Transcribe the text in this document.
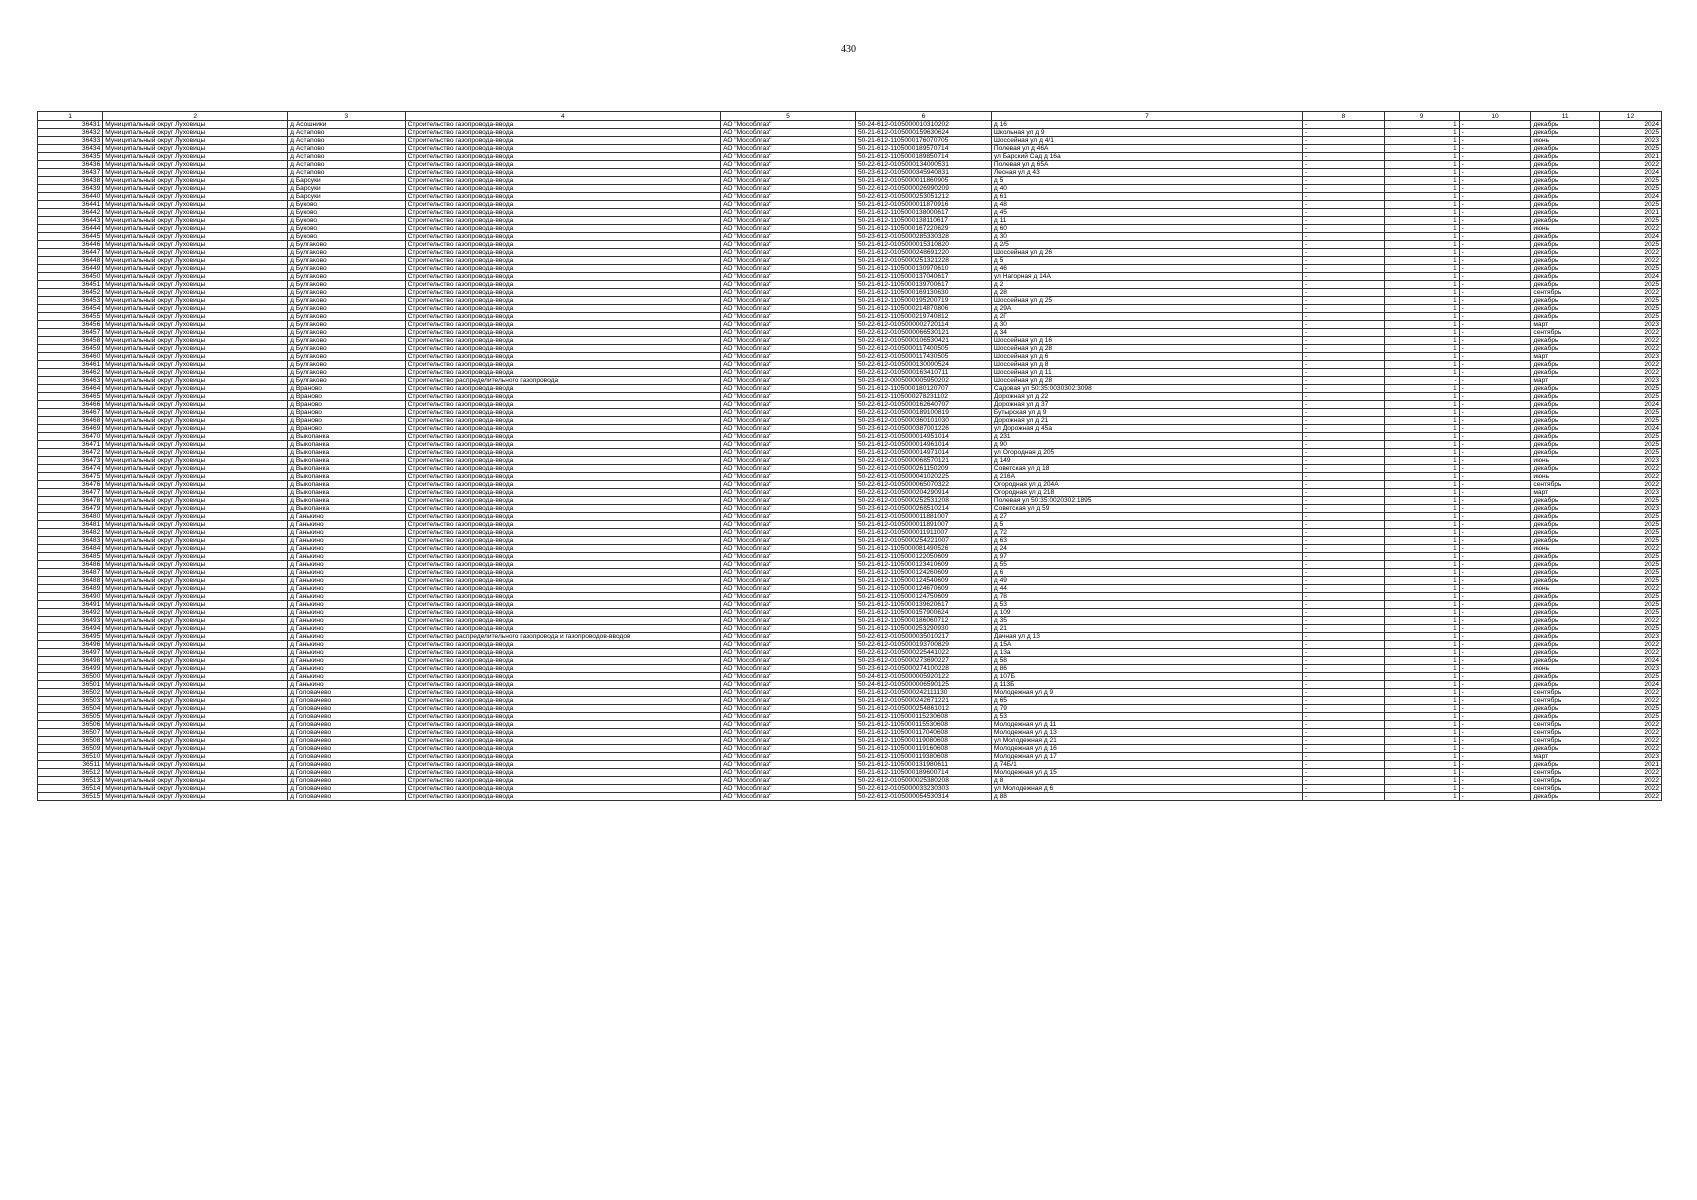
430
1	2	3	4	5	6	7	8	9	10	11	12
36431	Муниципальный округ Луховицы	д Асошники	Строительство газопровода-ввода	АО "Мособлгаз"	50-24-612-0105000010310202	д 16	-	1	-	декабрь	2024
36432	Муниципальный округ Луховицы	д Астапово	Строительство газопровода-ввода	АО "Мособлгаз"	50-21-612-0105000159630624	Школьная ул д 9	-	1	-	декабрь	2025
36433	Муниципальный округ Луховицы	д Астапово	Строительство газопровода-ввода	АО "Мособлгаз"	50-21-612-1105000176070705	Шоссейная ул д 4/1	-	1	-	июнь	2023
36434	Муниципальный округ Луховицы	д Астапово	Строительство газопровода-ввода	АО "Мособлгаз"	50-21-612-1105000189570714	Полевая ул д 46А	-	1	-	декабрь	2025
36435	Муниципальный округ Луховицы	д Астапово	Строительство газопровода-ввода	АО "Мособлгаз"	50-21-612-1105000189850714	ул Барский Сад д 16а	-	1	-	декабрь	2021
36436	Муниципальный округ Луховицы	д Астапово	Строительство газопровода-ввода	АО "Мособлгаз"	50-22-612-0105000134000531	Полевая ул д 65А	-	1	-	декабрь	2022
36437	Муниципальный округ Луховицы	д Астапово	Строительство газопровода-ввода	АО "Мособлгаз"	50-23-612-0105000345940831	Лесная ул д 43	-	1	-	декабрь	2024
36438	Муниципальный округ Луховицы	д Барсуки	Строительство газопровода-ввода	АО "Мособлгаз"	50-21-612-0105000011860905	д 5	-	1	-	декабрь	2025
36439	Муниципальный округ Луховицы	д Барсуки	Строительство газопровода-ввода	АО "Мособлгаз"	50-22-612-0105000026990209	д 40	-	1	-	декабрь	2025
36440	Муниципальный округ Луховицы	д Барсуки	Строительство газопровода-ввода	АО "Мособлгаз"	50-22-612-0105000253051212	д 61	-	1	-	декабрь	2024
36441	Муниципальный округ Луховицы	д Буково	Строительство газопровода-ввода	АО "Мособлгаз"	50-21-612-0105000011870916	д 48	-	1	-	декабрь	2025
36442	Муниципальный округ Луховицы	д Буково	Строительство газопровода-ввода	АО "Мособлгаз"	50-21-612-1105000138000617	д 45	-	1	-	декабрь	2021
36443	Муниципальный округ Луховицы	д Буково	Строительство газопровода-ввода	АО "Мособлгаз"	50-21-612-1105000138110617	д 11	-	1	-	декабрь	2025
36444	Муниципальный округ Луховицы	д Буково	Строительство газопровода-ввода	АО "Мособлгаз"	50-21-612-1105000167220629	д 60	-	1	-	июнь	2022
36445	Муниципальный округ Луховицы	д Буково	Строительство газопровода-ввода	АО "Мособлгаз"	50-23-612-0105000285330328	д 30	-	1	-	декабрь	2024
36446	Муниципальный округ Луховицы	д Булгаково	Строительство газопровода-ввода	АО "Мособлгаз"	50-21-612-0105000015310820	д 2/5	-	1	-	декабрь	2025
36447	Муниципальный округ Луховицы	д Булгаково	Строительство газопровода-ввода	АО "Мособлгаз"	50-21-612-0105000248691220	Шоссейная ул д 26	-	1	-	декабрь	2022
36448	Муниципальный округ Луховицы	д Булгаково	Строительство газопровода-ввода	АО "Мособлгаз"	50-21-612-0105000251321228	д 5	-	1	-	декабрь	2022
36449	Муниципальный округ Луховицы	д Булгаково	Строительство газопровода-ввода	АО "Мособлгаз"	50-21-612-1105000130970610	д 46	-	1	-	декабрь	2025
36450	Муниципальный округ Луховицы	д Булгаково	Строительство газопровода-ввода	АО "Мособлгаз"	50-21-612-1105000137040617	ул Нагорная д 14А	-	1	-	декабрь	2024
36451	Муниципальный округ Луховицы	д Булгаково	Строительство газопровода-ввода	АО "Мособлгаз"	50-21-612-1105000139700617	д 2	-	1	-	декабрь	2025
36452	Муниципальный округ Луховицы	д Булгаково	Строительство газопровода-ввода	АО "Мособлгаз"	50-21-612-1105000169130630	д 28	-	1	-	сентябрь	2022
36453	Муниципальный округ Луховицы	д Булгаково	Строительство газопровода-ввода	АО "Мособлгаз"	50-21-612-1105000195200719	Шоссейная ул д 25	-	1	-	декабрь	2025
36454	Муниципальный округ Луховицы	д Булгаково	Строительство газопровода-ввода	АО "Мособлгаз"	50-21-612-1105000214870806	д 29А	-	1	-	декабрь	2025
36455	Муниципальный округ Луховицы	д Булгаково	Строительство газопровода-ввода	АО "Мособлгаз"	50-21-612-1105000219740812	д 2Г	-	1	-	декабрь	2025
36456	Муниципальный округ Луховицы	д Булгаково	Строительство газопровода-ввода	АО "Мособлгаз"	50-22-612-0105000002720114	д 30	-	1	-	март	2023
36457	Муниципальный округ Луховицы	д Булгаково	Строительство газопровода-ввода	АО "Мособлгаз"	50-22-612-0105000066530121	д 34	-	1	-	сентябрь	2022
36458	Муниципальный округ Луховицы	д Булгаково	Строительство газопровода-ввода	АО "Мособлгаз"	50-22-612-0105000106530421	Шоссейная ул д 16	-	1	-	декабрь	2022
36459	Муниципальный округ Луховицы	д Булгаково	Строительство газопровода-ввода	АО "Мособлгаз"	50-22-612-0105000117400505	Шоссейная ул д 28	-	1	-	декабрь	2022
36460	Муниципальный округ Луховицы	д Булгаково	Строительство газопровода-ввода	АО "Мособлгаз"	50-22-612-0105000117430505	Шоссейная ул д 6	-	1	-	март	2023
36461	Муниципальный округ Луховицы	д Булгаково	Строительство газопровода-ввода	АО "Мособлгаз"	50-22-612-0105000130000524	Шоссейная ул д 8	-	1	-	декабрь	2022
36462	Муниципальный округ Луховицы	д Булгаково	Строительство газопровода-ввода	АО "Мособлгаз"	50-22-612-0105000163410711	Шоссейная ул д 11	-	1	-	декабрь	2022
36463	Муниципальный округ Луховицы	д Булгаково	Строительство распределительного газопровода	АО "Мособлгаз"	50-23-612-0005000005950202	Шоссейная ул д 28	-	-	-	март	2023
36464	Муниципальный округ Луховицы	д Враново	Строительство газопровода-ввода	АО "Мособлгаз"	50-21-612-1105000180120707	Садовая ул 50:35:0030302:3098	-	1	-	декабрь	2025
36465	Муниципальный округ Луховицы	д Враново	Строительство газопровода-ввода	АО "Мособлгаз"	50-21-612-1105000278231102	Дорожная ул д 22	-	1	-	декабрь	2025
36466	Муниципальный округ Луховицы	д Враново	Строительство газопровода-ввода	АО "Мособлгаз"	50-22-612-0105000162640707	Дорожная ул д 37	-	1	-	декабрь	2024
36467	Муниципальный округ Луховицы	д Враново	Строительство газопровода-ввода	АО "Мособлгаз"	50-22-612-0105000189100819	Бутырская ул д 9	-	1	-	декабрь	2025
36468	Муниципальный округ Луховицы	д Враново	Строительство газопровода-ввода	АО "Мособлгаз"	50-23-612-0105000360101030	Дорожная ул д 21	-	1	-	декабрь	2025
36469	Муниципальный округ Луховицы	д Враново	Строительство газопровода-ввода	АО "Мособлгаз"	50-23-612-0105000387001226	ул Дорожная д 45а	-	1	-	декабрь	2024
36470	Муниципальный округ Луховицы	д Выкопанка	Строительство газопровода-ввода	АО "Мособлгаз"	50-21-612-0105000014951014	д 231	-	1	-	декабрь	2025
36471	Муниципальный округ Луховицы	д Выкопанка	Строительство газопровода-ввода	АО "Мособлгаз"	50-21-612-0105000014961014	д 90	-	1	-	декабрь	2025
36472	Муниципальный округ Луховицы	д Выкопанка	Строительство газопровода-ввода	АО "Мособлгаз"	50-21-612-0105000014971014	ул Огородная д 205	-	1	-	декабрь	2025
36473	Муниципальный округ Луховицы	д Выкопанка	Строительство газопровода-ввода	АО "Мособлгаз"	50-22-612-0105000068570121	д 149	-	1	-	июнь	2023
36474	Муниципальный округ Луховицы	д Выкопанка	Строительство газопровода-ввода	АО "Мособлгаз"	50-22-612-0105000261150209	Советская ул д 18	-	1	-	декабрь	2022
36475	Муниципальный округ Луховицы	д Выкопанка	Строительство газопровода-ввода	АО "Мособлгаз"	50-22-612-0105000041020225	д 216А	-	1	-	июнь	2022
36476	Муниципальный округ Луховицы	д Выкопанка	Строительство газопровода-ввода	АО "Мособлгаз"	50-22-612-0105000065070322	Огородная ул д 204А	-	1	-	сентябрь	2022
36477	Муниципальный округ Луховицы	д Выкопанка	Строительство газопровода-ввода	АО "Мособлгаз"	50-22-612-0105000204290914	Огородная ул д 218	-	1	-	март	2023
36478	Муниципальный округ Луховицы	д Выкопанка	Строительство газопровода-ввода	АО "Мособлгаз"	50-22-612-0105000252531208	Полевая ул 50:35:0020302:1895	-	1	-	декабрь	2025
36479	Муниципальный округ Луховицы	д Выкопанка	Строительство газопровода-ввода	АО "Мособлгаз"	50-23-612-0105000268510214	Советская ул д 59	-	1	-	декабрь	2023
36480	Муниципальный округ Луховицы	д Ганькино	Строительство газопровода-ввода	АО "Мособлгаз"	50-21-612-0105000011881007	д 27	-	1	-	декабрь	2025
36481	Муниципальный округ Луховицы	д Ганькино	Строительство газопровода-ввода	АО "Мособлгаз"	50-21-612-0105000011891007	д 5	-	1	-	декабрь	2025
36482	Муниципальный округ Луховицы	д Ганькино	Строительство газопровода-ввода	АО "Мособлгаз"	50-21-612-0105000011911007	д 72	-	1	-	декабрь	2025
36483	Муниципальный округ Луховицы	д Ганькино	Строительство газопровода-ввода	АО "Мособлгаз"	50-21-612-0105000254221007	д 63	-	1	-	декабрь	2025
36484	Муниципальный округ Луховицы	д Ганькино	Строительство газопровода-ввода	АО "Мособлгаз"	50-21-612-1105000081490526	д 24	-	1	-	июнь	2022
36485	Муниципальный округ Луховицы	д Ганькино	Строительство газопровода-ввода	АО "Мособлгаз"	50-21-612-1105000122050609	д 97	-	1	-	декабрь	2025
36486	Муниципальный округ Луховицы	д Ганькино	Строительство газопровода-ввода	АО "Мособлгаз"	50-21-612-1105000123410609	д 55	-	1	-	декабрь	2025
36487	Муниципальный округ Луховицы	д Ганькино	Строительство газопровода-ввода	АО "Мособлгаз"	50-21-612-1105000124260609	д 6	-	1	-	декабрь	2025
36488	Муниципальный округ Луховицы	д Ганькино	Строительство газопровода-ввода	АО "Мособлгаз"	50-21-612-1105000124540609	д 49	-	1	-	декабрь	2025
36489	Муниципальный округ Луховицы	д Ганькино	Строительство газопровода-ввода	АО "Мособлгаз"	50-21-612-1105000124670609	д 44	-	1	-	июнь	2022
36490	Муниципальный округ Луховицы	д Ганькино	Строительство газопровода-ввода	АО "Мособлгаз"	50-21-612-1105000124750609	д 78	-	1	-	декабрь	2025
36491	Муниципальный округ Луховицы	д Ганькино	Строительство газопровода-ввода	АО "Мособлгаз"	50-21-612-1105000139620617	д 53	-	1	-	декабрь	2025
36492	Муниципальный округ Луховицы	д Ганькино	Строительство газопровода-ввода	АО "Мособлгаз"	50-21-612-1105000157900624	д 109	-	1	-	декабрь	2025
36493	Муниципальный округ Луховицы	д Ганькино	Строительство газопровода-ввода	АО "Мособлгаз"	50-21-612-1105000186060712	д 35	-	1	-	декабрь	2022
36494	Муниципальный округ Луховицы	д Ганькино	Строительство газопровода-ввода	АО "Мособлгаз"	50-21-612-1105000253290930	д 21	-	1	-	декабрь	2025
36495	Муниципальный округ Луховицы	д Ганькино	Строительство распределительного газопровода и газопроводов-вводов	АО "Мособлгаз"	50-22-612-0105000035010217	Дачная ул д 13	-	1	-	декабрь	2023
36496	Муниципальный округ Луховицы	д Ганькино	Строительство газопровода-ввода	АО "Мособлгаз"	50-22-612-0105000193700829	д 15А	-	1	-	декабрь	2022
36497	Муниципальный округ Луховицы	д Ганькино	Строительство газопровода-ввода	АО "Мособлгаз"	50-22-612-0105000225441022	д 13а	-	1	-	декабрь	2022
36498	Муниципальный округ Луховицы	д Ганькино	Строительство газопровода-ввода	АО "Мособлгаз"	50-23-612-0105000273690227	д 58	-	1	-	декабрь	2024
36499	Муниципальный округ Луховицы	д Ганькино	Строительство газопровода-ввода	АО "Мособлгаз"	50-23-612-0105000274100228	д 86	-	1	-	июнь	2023
36500	Муниципальный округ Луховицы	д Ганькино	Строительство газопровода-ввода	АО "Мособлгаз"	50-24-612-0105000005920122	д 107Б	-	1	-	декабрь	2025
36501	Муниципальный округ Луховицы	д Ганькино	Строительство газопровода-ввода	АО "Мособлгаз"	50-24-612-0105000006590125	д 113Б	-	1	-	декабрь	2024
36502	Муниципальный округ Луховицы	д Головачево	Строительство газопровода-ввода	АО "Мособлгаз"	50-21-612-0105000242111130	Молодежная ул д 9	-	1	-	сентябрь	2022
36503	Муниципальный округ Луховицы	д Головачево	Строительство газопровода-ввода	АО "Мособлгаз"	50-21-612-0105000242671221	д 65	-	1	-	сентябрь	2022
36504	Муниципальный округ Луховицы	д Головачево	Строительство газопровода-ввода	АО "Мособлгаз"	50-21-612-0105000254861012	д 79	-	1	-	декабрь	2025
36505	Муниципальный округ Луховицы	д Головачево	Строительство газопровода-ввода	АО "Мособлгаз"	50-21-612-1105000115230608	д 53	-	1	-	декабрь	2025
36506	Муниципальный округ Луховицы	д Головачево	Строительство газопровода-ввода	АО "Мособлгаз"	50-21-612-1105000115530608	Молодежная ул д 11	-	1	-	сентябрь	2022
36507	Муниципальный округ Луховицы	д Головачево	Строительство газопровода-ввода	АО "Мособлгаз"	50-21-612-1105000117040608	Молодежная ул д 13	-	1	-	сентябрь	2022
36508	Муниципальный округ Луховицы	д Головачево	Строительство газопровода-ввода	АО "Мособлгаз"	50-21-612-1105000119080608	ул Молодежная д 21	-	1	-	сентябрь	2022
36509	Муниципальный округ Луховицы	д Головачево	Строительство газопровода-ввода	АО "Мособлгаз"	50-21-612-1105000119160608	Молодежная ул д 16	-	1	-	декабрь	2022
36510	Муниципальный округ Луховицы	д Головачево	Строительство газопровода-ввода	АО "Мособлгаз"	50-21-612-1105000119380608	Молодежная ул д 17	-	1	-	март	2023
36511	Муниципальный округ Луховицы	д Головачево	Строительство газопровода-ввода	АО "Мособлгаз"	50-21-612-1105000131980611	д 74Б/1	-	1	-	декабрь	2021
36512	Муниципальный округ Луховицы	д Головачево	Строительство газопровода-ввода	АО "Мособлгаз"	50-21-612-1105000189600714	Молодежная ул д 15	-	1	-	сентябрь	2022
36513	Муниципальный округ Луховицы	д Головачево	Строительство газопровода-ввода	АО "Мособлгаз"	50-22-612-0105000025380208	д 8	-	1	-	сентябрь	2022
36514	Муниципальный округ Луховицы	д Головачево	Строительство газопровода-ввода	АО "Мособлгаз"	50-22-612-0105000033230303	ул Молодежная д 6	-	1	-	сентябрь	2022
36515	Муниципальный округ Луховицы	д Головачево	Строительство газопровода-ввода	АО "Мособлгаз"	50-22-612-0105000054530314	д 88	-	1	-	декабрь	2022
